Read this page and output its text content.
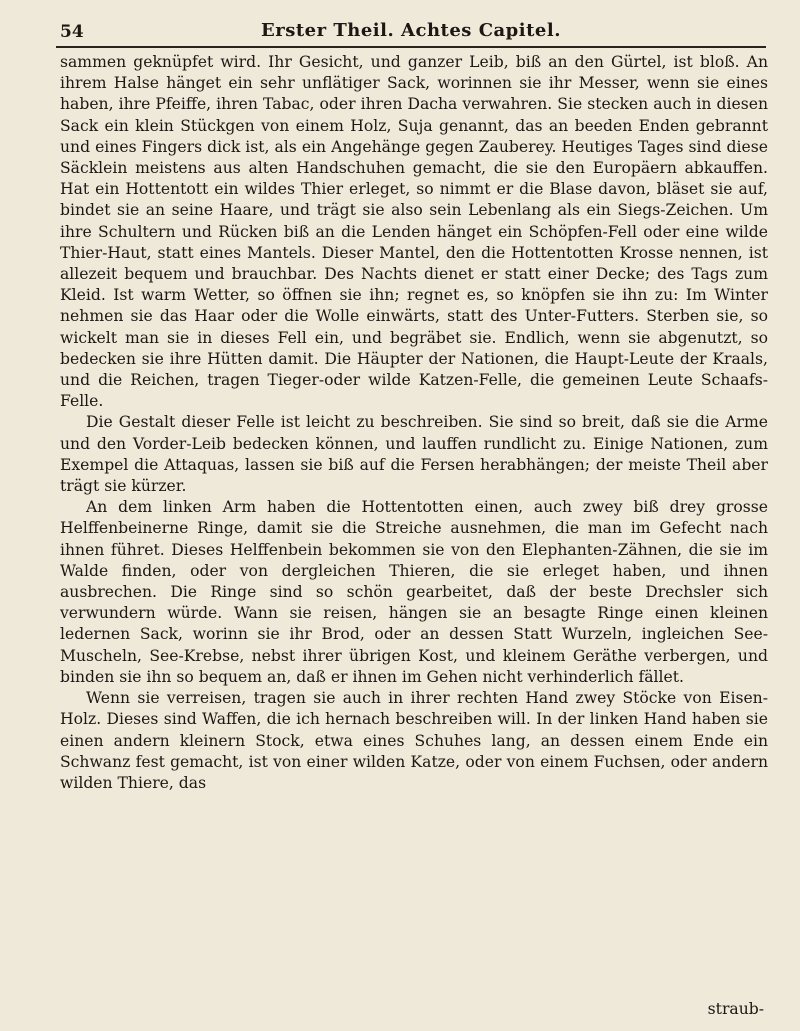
54	Erster Theil. Achtes Capitel.

sammen geknüpfet wird. Ihr Gesicht, und ganzer Leib, biß an den Gürtel, ist bloß. An ihrem Halse hänget ein sehr unflätiger Sack, worinnen sie ihr Messer, wenn sie eines haben, ihre Pfeiffe, ihren Tabac, oder ihren Dacha verwahren. Sie stecken auch in diesen Sack ein klein Stückgen von einem Holz, Suja genannt, das an beeden Enden gebrannt und eines Fingers dick ist, als ein Angehänge gegen Zauberey. Heutiges Tages sind diese Säcklein meistens aus alten Handschuhen gemacht, die sie den Europäern abkauffen. Hat ein Hottentott ein wildes Thier erleget, so nimmt er die Blase davon, bläset sie auf, bindet sie an seine Haare, und trägt sie also sein Lebenlang als ein Siegs-Zeichen. Um ihre Schultern und Rücken biß an die Lenden hänget ein Schöpfen-Fell oder eine wilde Thier-Haut, statt eines Mantels. Dieser Mantel, den die Hottentotten Krosse nennen, ist allezeit bequem und brauchbar. Des Nachts dienet er statt einer Decke; des Tags zum Kleid. Ist warm Wetter, so öffnen sie ihn; regnet es, so knöpfen sie ihn zu: Im Winter nehmen sie das Haar oder die Wolle einwärts, statt des Unter-Futters. Sterben sie, so wickelt man sie in dieses Fell ein, und begräbet sie. Endlich, wenn sie abgenutzt, so bedecken sie ihre Hütten damit. Die Häupter der Nationen, die Haupt-Leute der Kraals, und die Reichen, tragen Tieger-oder wilde Katzen-Felle, die gemeinen Leute Schaafs-Felle.

Die Gestalt dieser Felle ist leicht zu beschreiben. Sie sind so breit, daß sie die Arme und den Vorder-Leib bedecken können, und lauffen rundlicht zu. Einige Nationen, zum Exempel die Attaquas, lassen sie biß auf die Fersen herabhängen; der meiste Theil aber trägt sie kürzer.

An dem linken Arm haben die Hottentotten einen, auch zwey biß drey grosse Helffenbeinerne Ringe, damit sie die Streiche ausnehmen, die man im Gefecht nach ihnen führet. Dieses Helffenbein bekommen sie von den Elephanten-Zähnen, die sie im Walde finden, oder von dergleichen Thieren, die sie erleget haben, und ihnen ausbrechen. Die Ringe sind so schön gearbeitet, daß der beste Drechsler sich verwundern würde. Wann sie reisen, hängen sie an besagte Ringe einen kleinen ledernen Sack, worinn sie ihr Brod, oder an dessen Statt Wurzeln, ingleichen See-Muscheln, See-Krebse, nebst ihrer übrigen Kost, und kleinem Geräthe verbergen, und binden sie ihn so bequem an, daß er ihnen im Gehen nicht verhinderlich fället.

Wenn sie verreisen, tragen sie auch in ihrer rechten Hand zwey Stöcke von Eisen-Holz. Dieses sind Waffen, die ich hernach beschreiben will. In der linken Hand haben sie einen andern kleinern Stock, etwa eines Schuhes lang, an dessen einem Ende ein Schwanz fest gemacht, ist von einer wilden Katze, oder von einem Fuchsen, oder andern wilden Thiere, das

straub-
